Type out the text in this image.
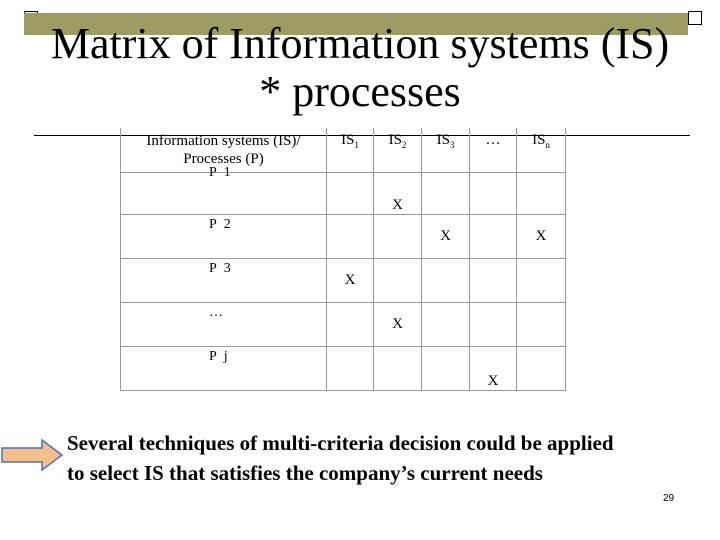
Matrix of Information systems (IS)
* processes
Information systems (IS)/
Processes (P)	$IS_1$	$IS_2$	$IS_3$	…	$IS_n$
P 1		X			

P 2			X		X

P 3	X				

…		X			

P j				X	

Several techniques of multi-criteria decision could be applied
to select IS that satisfies the company’s current needs
29
